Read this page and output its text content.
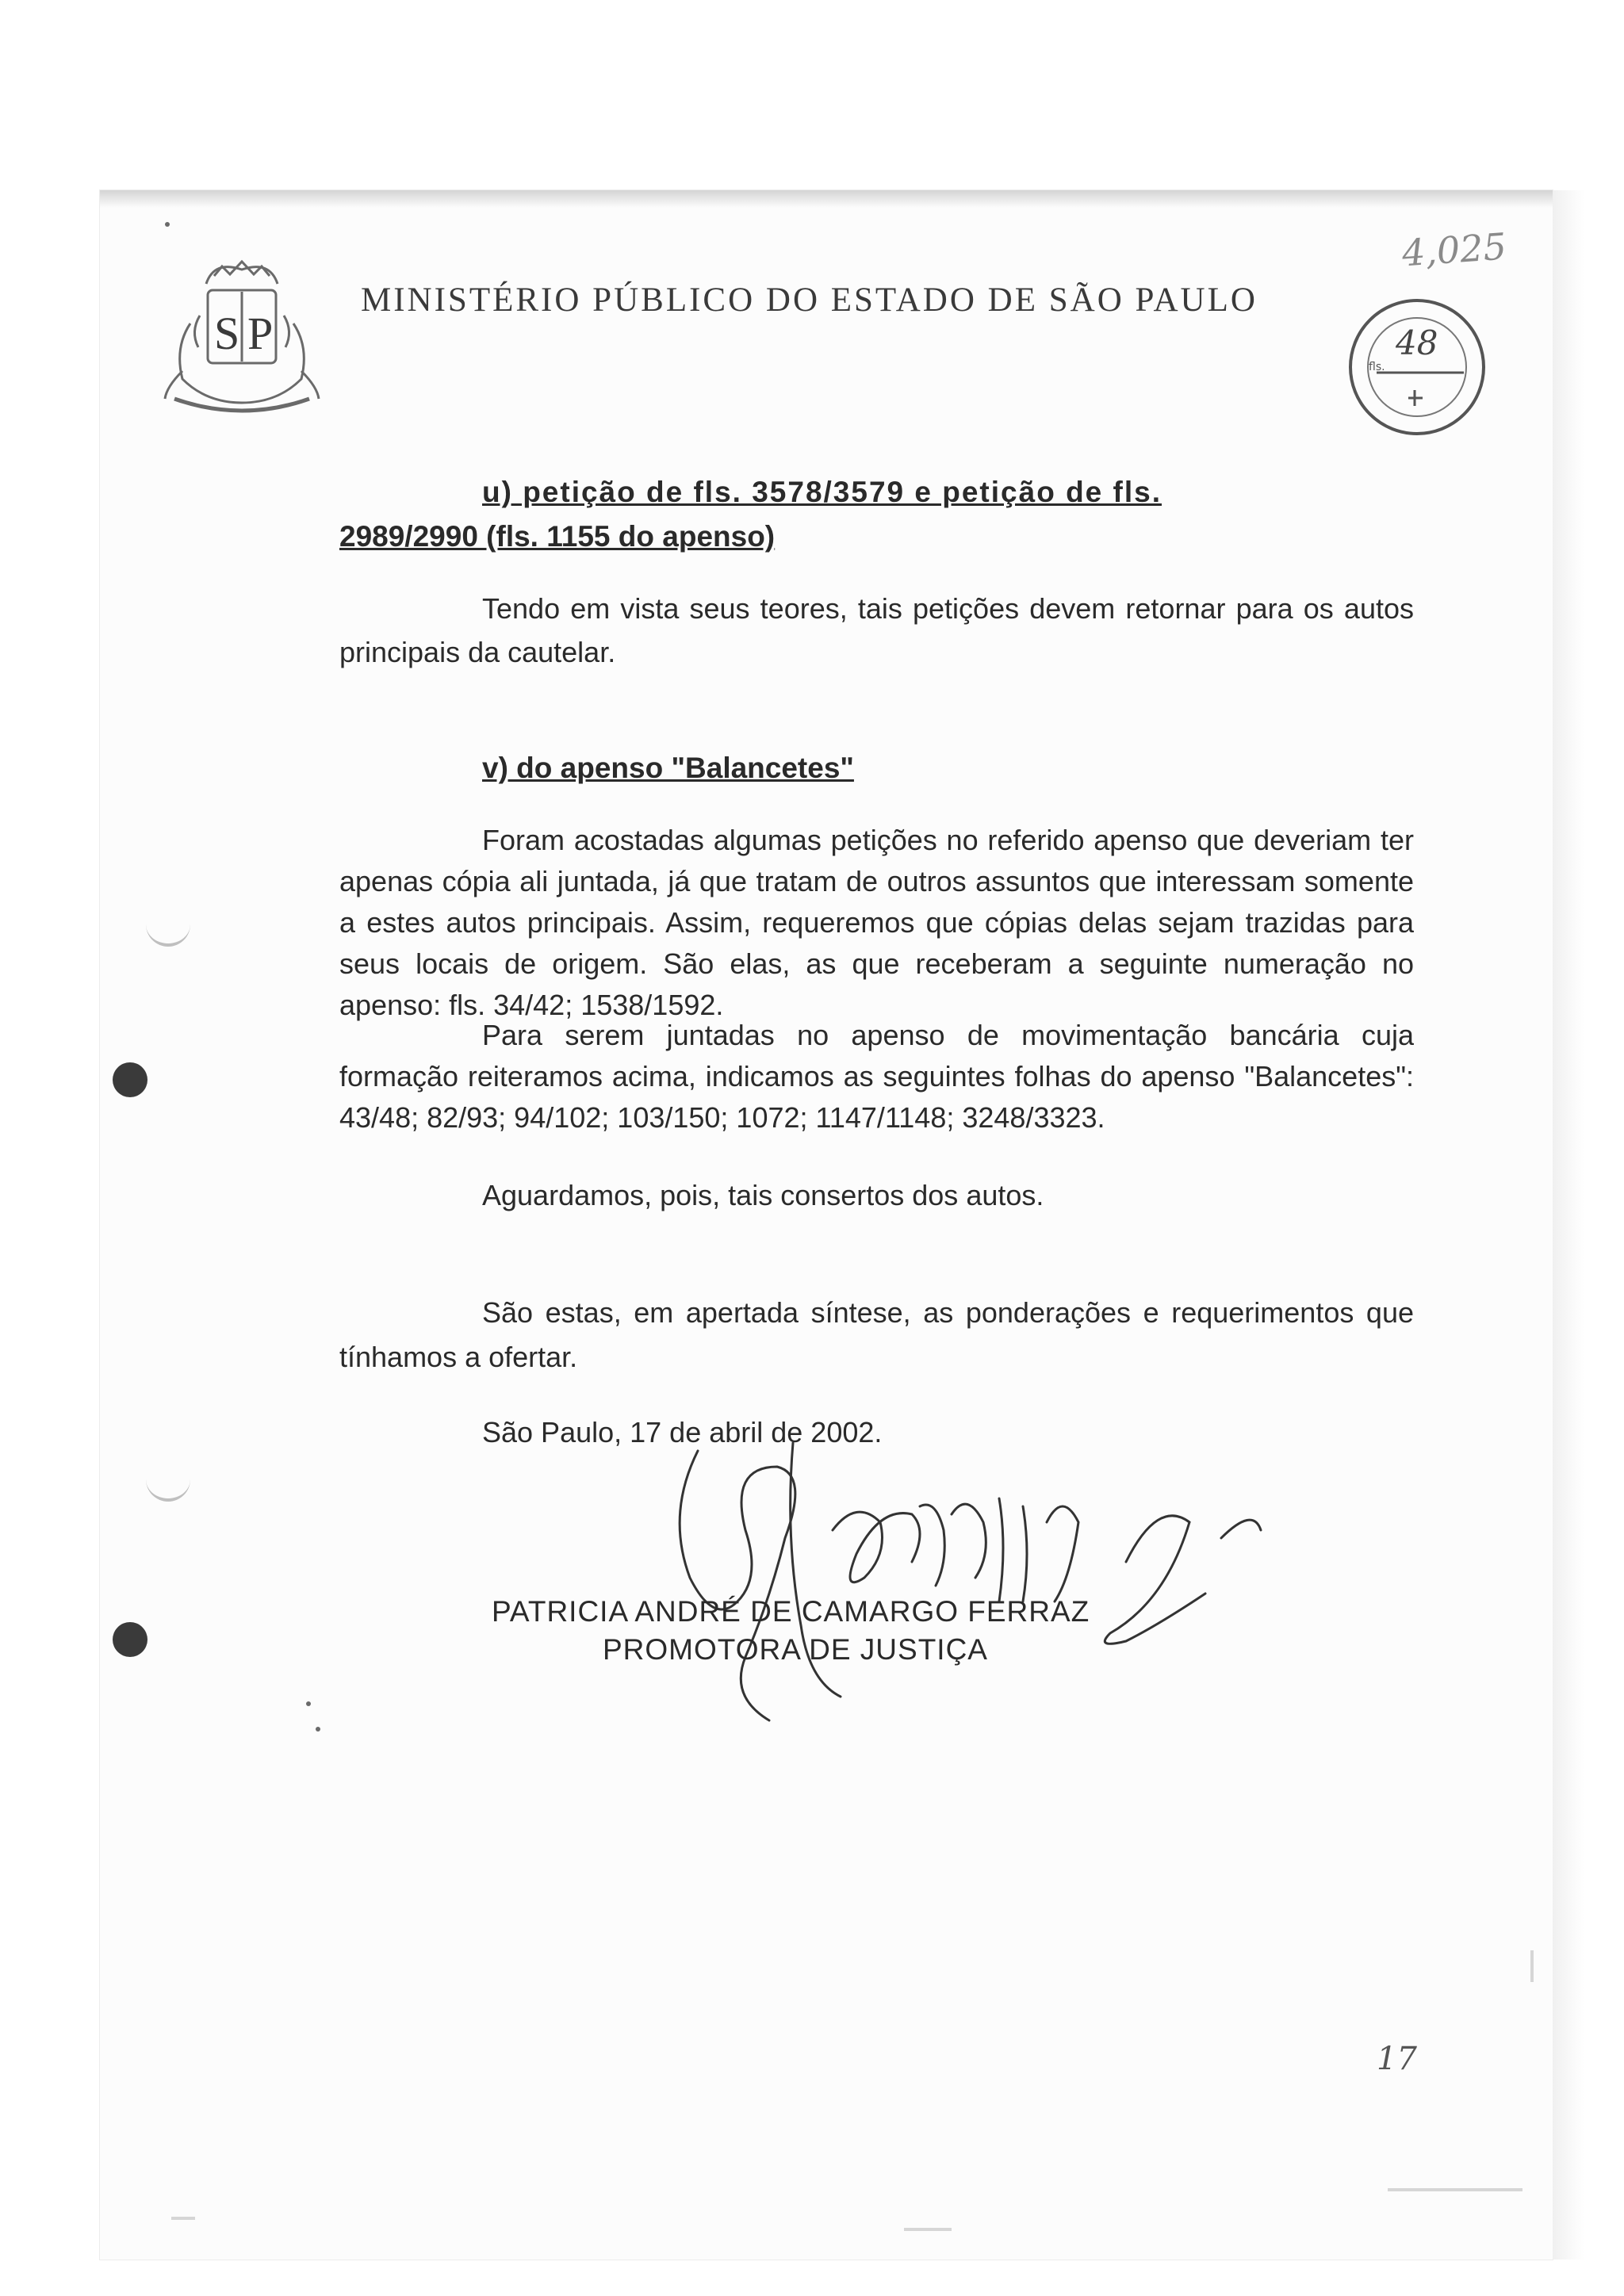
S P
MINISTÉRIO PÚBLICO DO ESTADO DE SÃO PAULO
4,025
fls.
48
u) petição de fls. 3578/3579 e petição de fls.
2989/2990 (fls. 1155 do apenso)
Tendo em vista seus teores, tais petições devem retornar para os autos principais da cautelar.
v) do apenso "Balancetes"
Foram acostadas algumas petições no referido apenso que deveriam ter apenas cópia ali juntada, já que tratam de outros assuntos que interessam somente a estes autos principais. Assim, requeremos que cópias delas sejam trazidas para seus locais de origem. São elas, as que receberam a seguinte numeração no apenso: fls. 34/42; 1538/1592.
Para serem juntadas no apenso de movimentação bancária cuja formação reiteramos acima, indicamos as seguintes folhas do apenso "Balancetes": 43/48; 82/93; 94/102; 103/150; 1072; 1147/1148; 3248/3323.
Aguardamos, pois, tais consertos dos autos.
São estas, em apertada síntese, as ponderações e requerimentos que tínhamos a ofertar.
São Paulo, 17 de abril de 2002.
PATRICIA ANDRÉ DE CAMARGO FERRAZ
PROMOTORA DE JUSTIÇA
17
